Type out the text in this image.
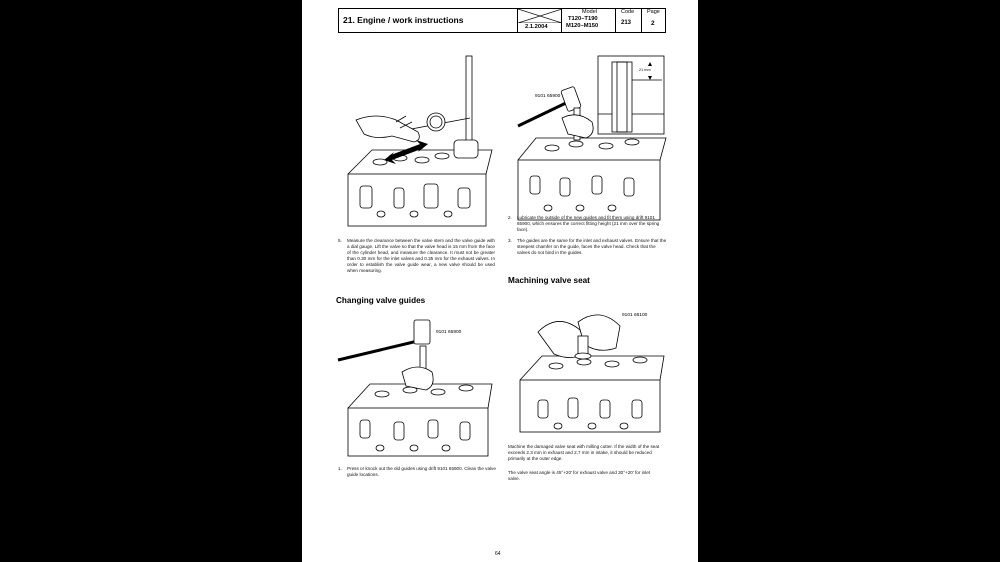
21. Engine / work instructions
2.1.2004
Model
T120–T190
M120–M150
Code
213
Page
2
9101 65900
21 mm
5. Measure the clearance between the valve stem and the valve guide with a dial gauge. Lift the valve so that the valve head is 15 mm from the face of the cylinder head, and measure the clearance. It must not be greater than 0.30 mm for the inlet valves and 0.35 mm for the exhaust valves. In order to establish the valve guide wear, a new valve should be used when measuring.
2. Lubricate the outside of the new guides and fit them using drift 9101 65900, which ensures the correct fitting height (21 mm over the spring face).
3. The guides are the same for the inlet and exhaust valves. Ensure that the steepest chamfer on the guide, faces the valve head. Check that the valves do not bind in the guides.
Changing valve guides
Machining valve seat
9101 65900
9101 66100
1. Press or knock out the old guides using drift 9101 65900. Clean the valve guide locations.
Machine the damaged valve seat with milling cutter. If the width of the seat exceeds 2.3 mm in exhaust and 2.7 mm in intake, it should be reduced primarily at the outer edge.
The valve seat angle is 45°+20' for exhaust valve and 30°+20' for inlet valve.
64
